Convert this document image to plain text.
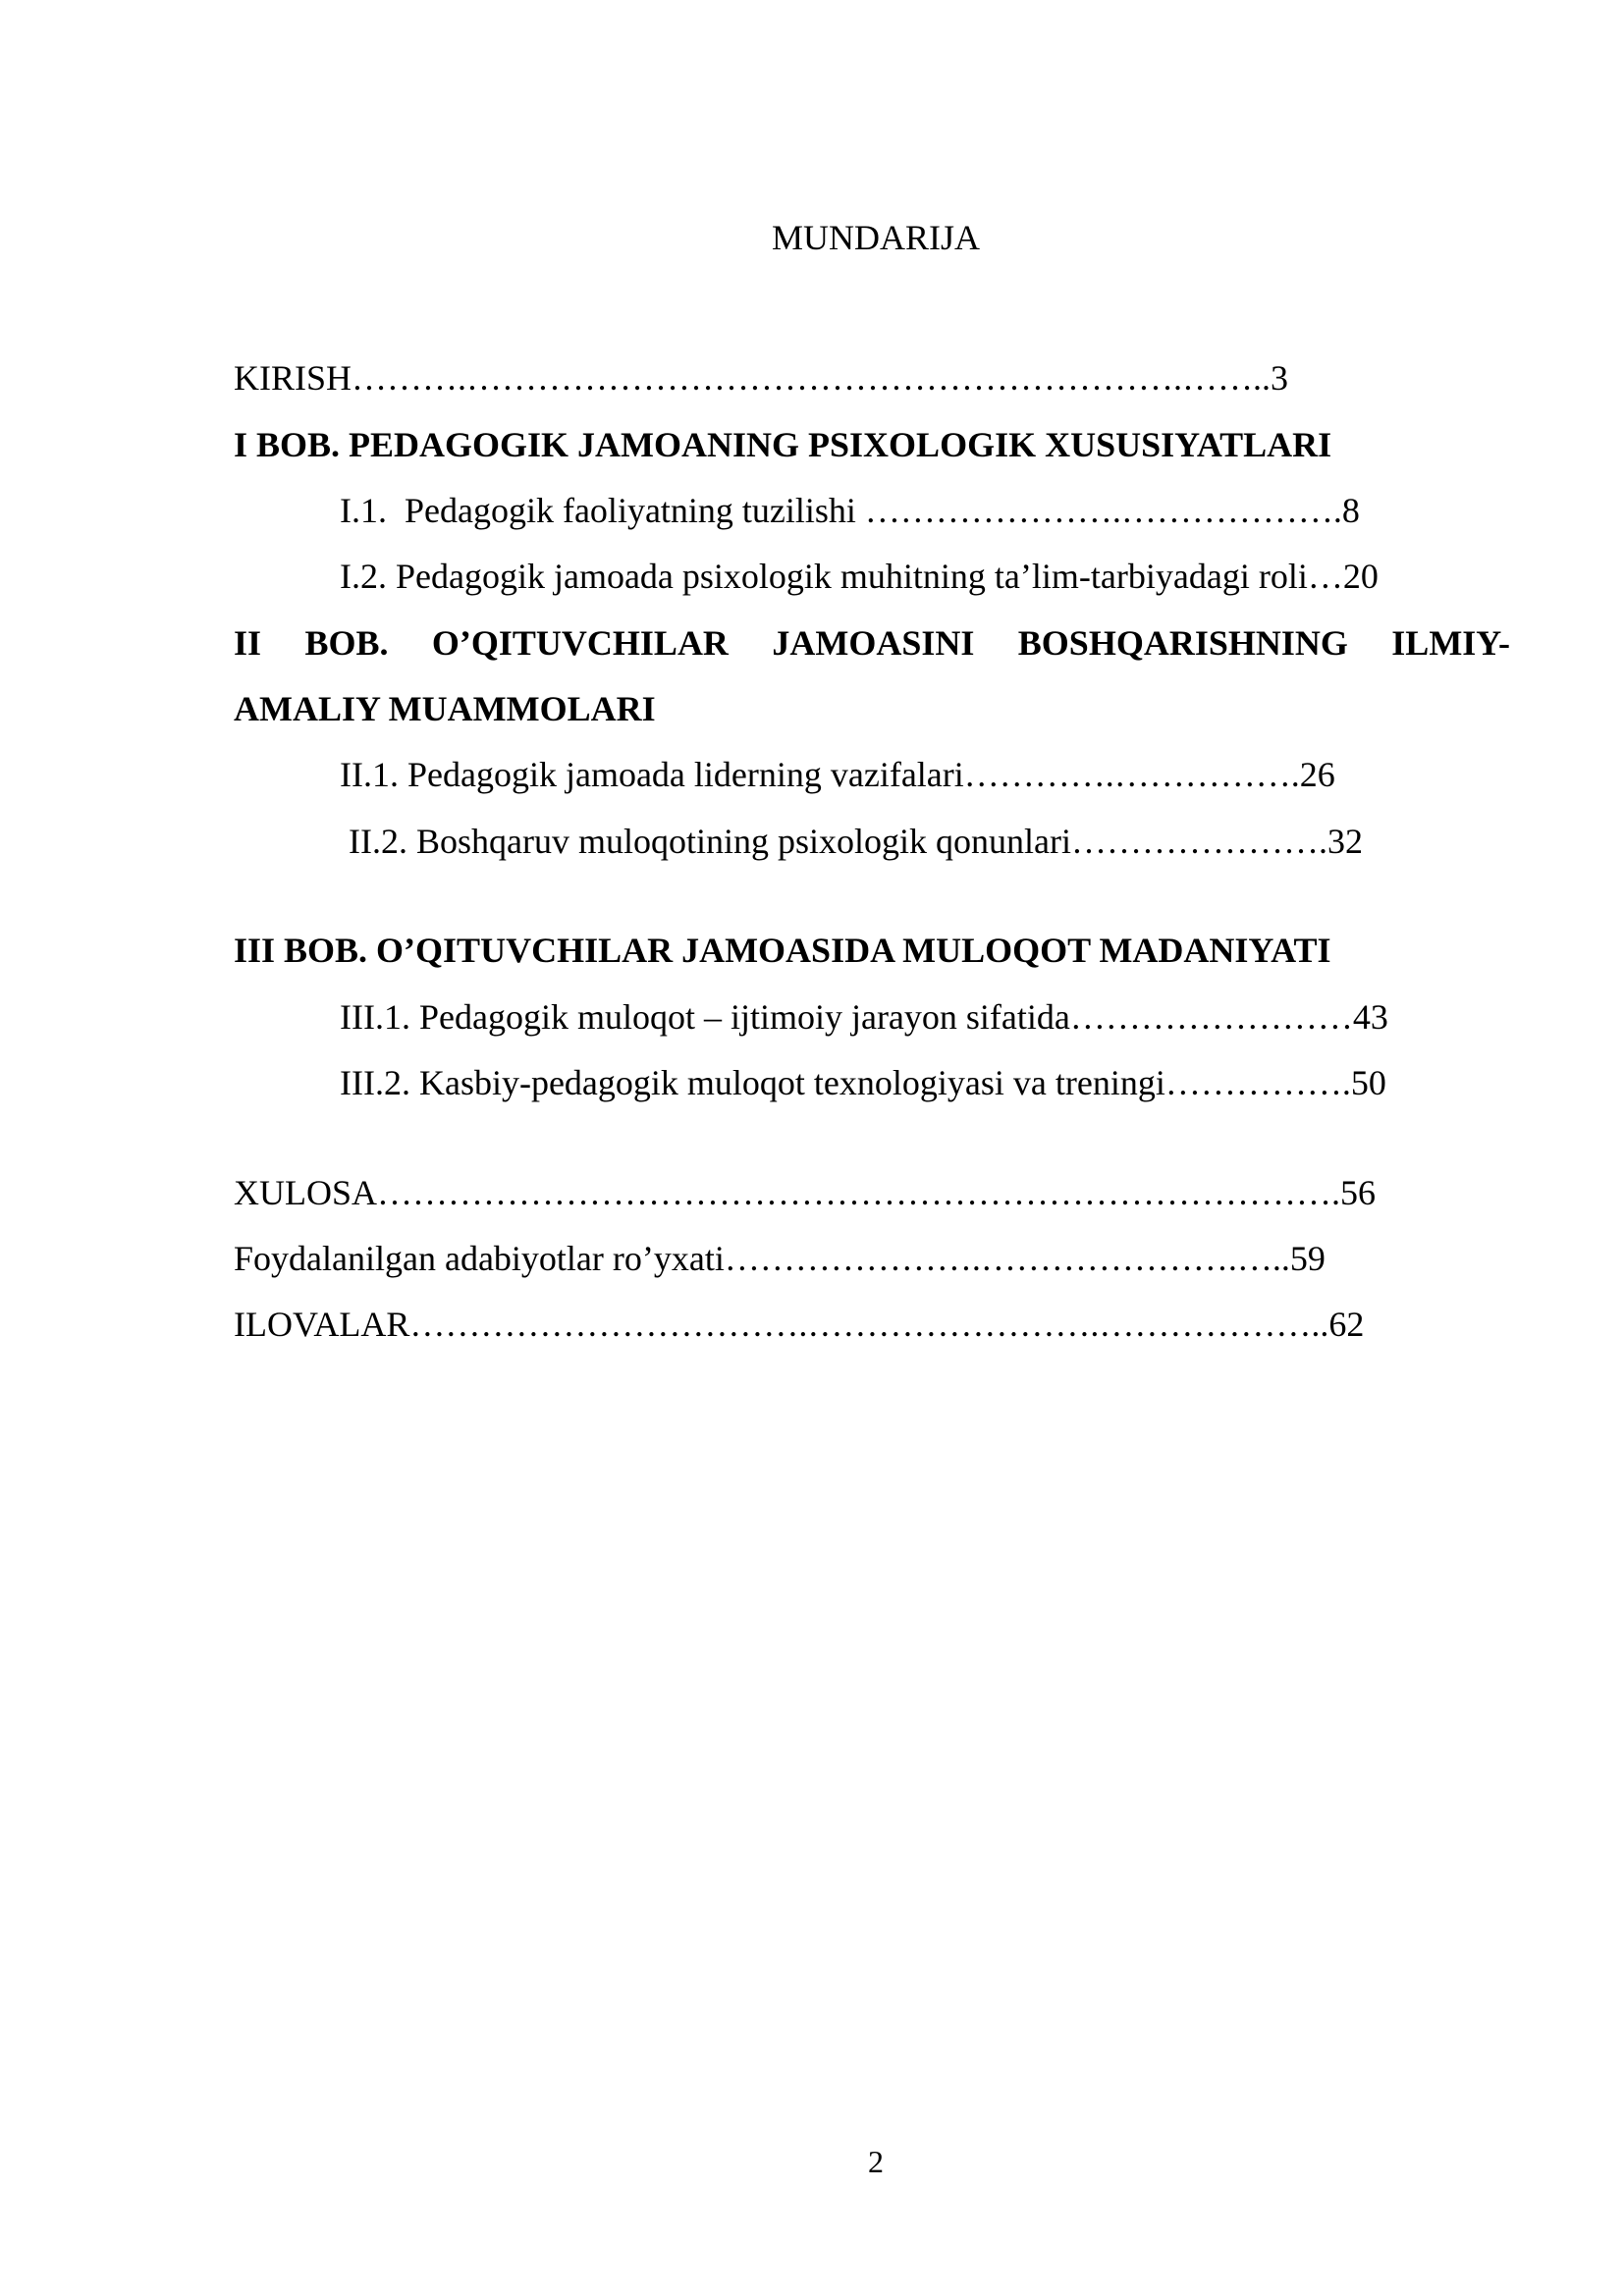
MUNDARIJA
KIRISH……….…………………………………………………….……..3
I BOB. PEDAGOGIK JAMOANING PSIXOLOGIK XUSUSIYATLARI
I.1.  Pedagogik faoliyatning tuzilishi ………………….……………….8
I.2. Pedagogik jamoada psixologik muhitning ta’lim-tarbiyadagi roli…20
II BOB. O’QITUVCHILAR JAMOASINI BOSHQARISHNING ILMIY-
AMALIY MUAMMOLARI
II.1. Pedagogik jamoada liderning vazifalari………….…………….26
II.2. Boshqaruv muloqotining psixologik qonunlari………………….32
III BOB. O’QITUVCHILAR JAMOASIDA MULOQOT MADANIYATI
III.1. Pedagogik muloqot – ijtimoiy jarayon sifatida……………………43
III.2. Kasbiy-pedagogik muloqot texnologiyasi va treningi…………….50
XULOSA……………………………………………………………………….56
Foydalanilgan adabiyotlar ro’yxati………………….………………….…..59
ILOVALAR…………………………….…………………….………………..62
2
